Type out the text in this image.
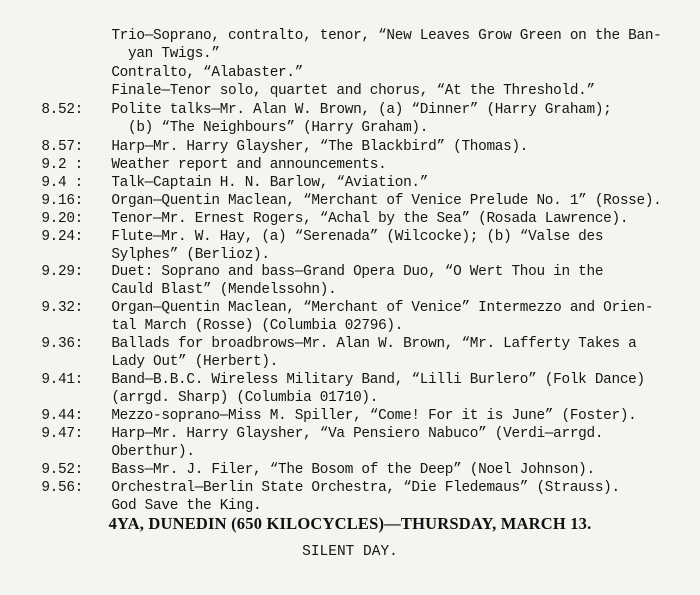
Trio—Soprano, contralto, tenor, “New Leaves Grow Green on the Ban-

yan Twigs.”

Contralto, “Alabaster.”

Finale—Tenor solo, quartet and chorus, “At the Threshold.”

8.52: Polite talks—Mr. Alan W. Brown, (a) “Dinner” (Harry Graham);

(b) “The Neighbours” (Harry Graham).

8.57: Harp—Mr. Harry Glaysher, “The Blackbird” (Thomas).

9.2 : Weather report and announcements.

9.4 : Talk—Captain H. N. Barlow, “Aviation.”

9.16: Organ—Quentin Maclean, “Merchant of Venice Prelude No. 1” (Rosse).

9.20: Tenor—Mr. Ernest Rogers, “Achal by the Sea” (Rosada Lawrence).

9.24: Flute—Mr. W. Hay, (a) “Serenada” (Wilcocke); (b) “Valse des

Sylphes” (Berlioz).

9.29: Duet: Soprano and bass—Grand Opera Duo, “O Wert Thou in the

Cauld Blast” (Mendelssohn).

9.32: Organ—Quentin Maclean, “Merchant of Venice” Intermezzo and Orien-

tal March (Rosse) (Columbia 02796).

9.36: Ballads for broadbrows—Mr. Alan W. Brown, “Mr. Lafferty Takes a

Lady Out” (Herbert).

9.41: Band—B.B.C. Wireless Military Band, “Lilli Burlero” (Folk Dance)

(arrgd. Sharp) (Columbia 01710).

9.44: Mezzo-soprano—Miss M. Spiller, “Come! For it is June” (Foster).

9.47: Harp—Mr. Harry Glaysher, “Va Pensiero Nabuco” (Verdi—arrgd.

Oberthur).

9.52: Bass—Mr. J. Filer, “The Bosom of the Deep” (Noel Johnson).

9.56: Orchestral—Berlin State Orchestra, “Die Fledemaus” (Strauss).

God Save the King.

4YA, DUNEDIN (650 KILOCYCLES)—THURSDAY, MARCH 13.
SILENT DAY.
